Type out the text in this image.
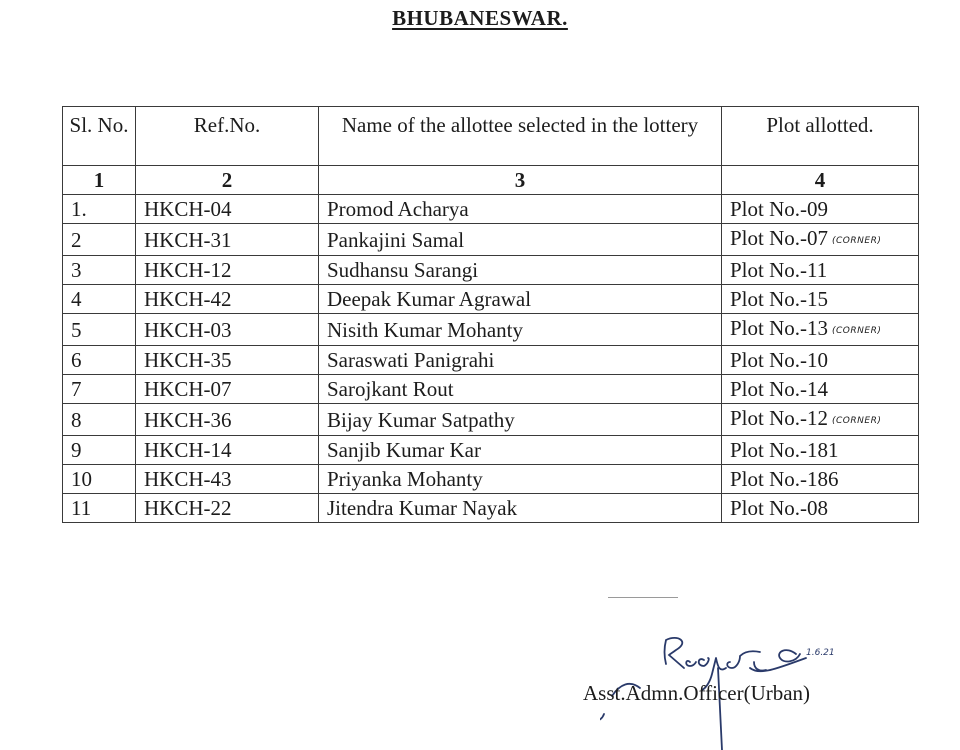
BHUBANESWAR.
Sl. No.	Ref.No.	Name of the allottee selected in the lottery	Plot allotted.
1	2	3	4
1.	HKCH-04	Promod Acharya	Plot No.-09
2	HKCH-31	Pankajini Samal	Plot No.-07 (CORNER)
3	HKCH-12	Sudhansu Sarangi	Plot No.-11
4	HKCH-42	Deepak Kumar Agrawal	Plot No.-15
5	HKCH-03	Nisith Kumar Mohanty	Plot No.-13 (CORNER)
6	HKCH-35	Saraswati Panigrahi	Plot No.-10
7	HKCH-07	Sarojkant Rout	Plot No.-14
8	HKCH-36	Bijay Kumar Satpathy	Plot No.-12 (CORNER)
9	HKCH-14	Sanjib Kumar Kar	Plot No.-181
10	HKCH-43	Priyanka Mohanty	Plot No.-186
11	HKCH-22	Jitendra Kumar Nayak	Plot No.-08
1.6.21
Asst.Admn.Officer(Urban)
